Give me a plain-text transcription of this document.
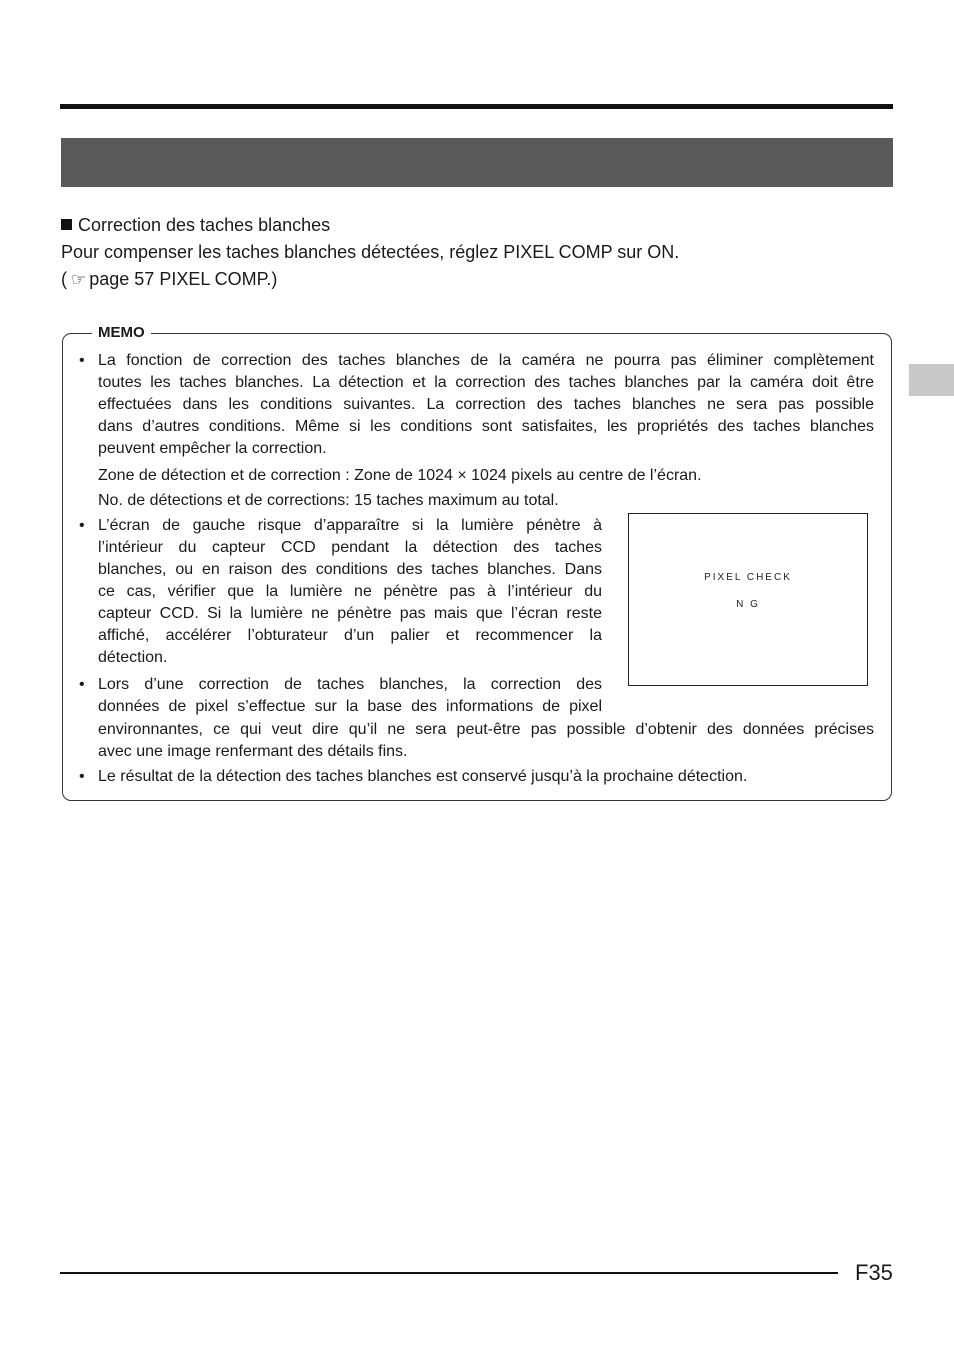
Correction des taches blanches
Pour compenser les taches blanches détectées, réglez PIXEL COMP sur ON.
( ☞ page 57 PIXEL COMP.)
MEMO
• La fonction de correction des taches blanches de la caméra ne pourra pas éliminer complètement
toutes les taches blanches. La détection et la correction des taches blanches par la caméra doit être
effectuées dans les conditions suivantes. La correction des taches blanches ne sera pas possible
dans d’autres conditions. Même si les conditions sont satisfaites, les propriétés des taches blanches
peuvent empêcher la correction.
Zone de détection et de correction : Zone de 1024 × 1024 pixels au centre de l’écran.
No. de détections et de corrections: 15 taches maximum au total.
• L’écran de gauche risque d’apparaître si la lumière pénètre à
l’intérieur du capteur CCD pendant la détection des taches
blanches, ou en raison des conditions des taches blanches. Dans
ce cas, vérifier que la lumière ne pénètre pas à l’intérieur du
capteur CCD. Si la lumière ne pénètre pas mais que l’écran reste
affiché, accélérer l’obturateur d’un palier et recommencer la
détection.
• Lors d’une correction de taches blanches, la correction des
données de pixel s’effectue sur la base des informations de pixel
environnantes, ce qui veut dire qu’il ne sera peut-être pas possible d’obtenir des données précises
avec une image renfermant des détails fins.
• Le résultat de la détection des taches blanches est conservé jusqu’à la prochaine détection.
PIXEL CHECK
N G
F35
